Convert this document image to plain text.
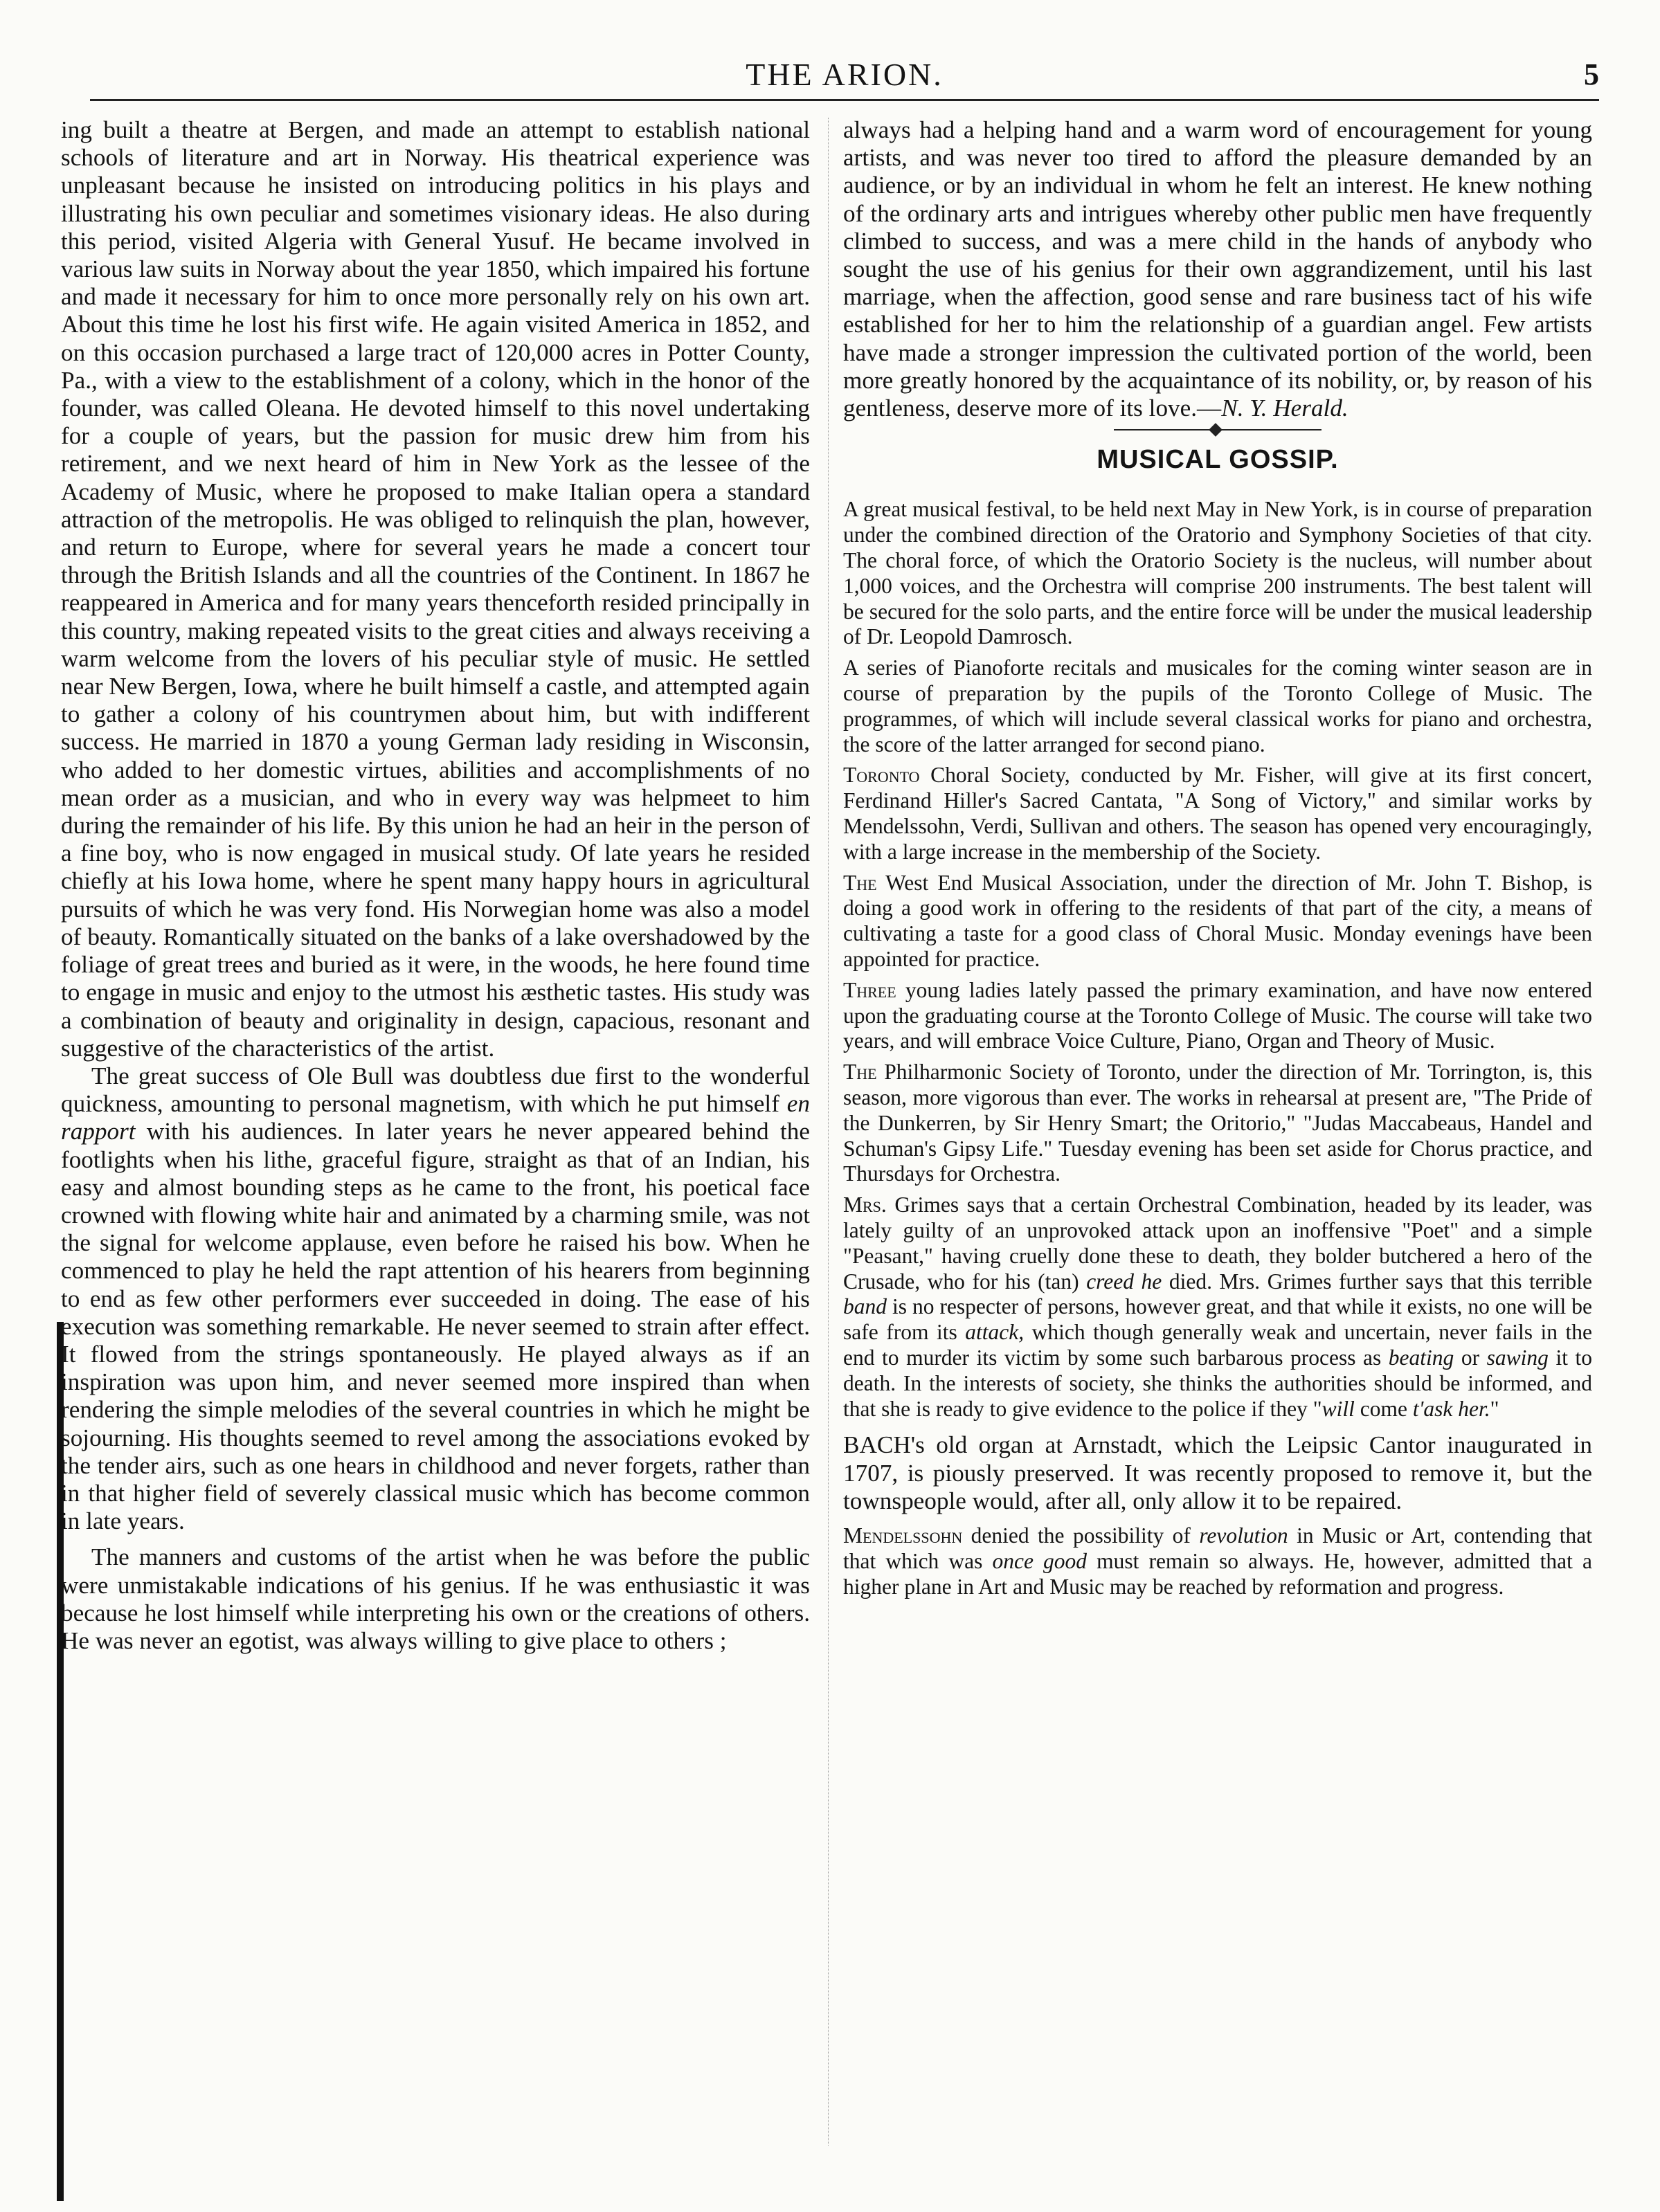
THE ARION.	5

ing built a theatre at Bergen, and made an attempt to establish national schools of literature and art in Norway. His theatrical experience was unpleasant because he insisted on introducing politics in his plays and illustrating his own peculiar and sometimes visionary ideas. He also during this period, visited Algeria with General Yusuf. He became involved in various law suits in Norway about the year 1850, which impaired his fortune and made it necessary for him to once more personally rely on his own art. About this time he lost his first wife. He again visited America in 1852, and on this occasion purchased a large tract of 120,000 acres in Potter County, Pa., with a view to the establishment of a colony, which in the honor of the founder, was called Oleana. He devoted himself to this novel undertaking for a couple of years, but the passion for music drew him from his retirement, and we next heard of him in New York as the lessee of the Academy of Music, where he proposed to make Italian opera a standard attraction of the metropolis. He was obliged to relinquish the plan, however, and return to Europe, where for several years he made a concert tour through the British Islands and all the countries of the Continent. In 1867 he reappeared in America and for many years thenceforth resided principally in this country, making repeated visits to the great cities and always receiving a warm welcome from the lovers of his peculiar style of music. He settled near New Bergen, Iowa, where he built himself a castle, and attempted again to gather a colony of his countrymen about him, but with indifferent success. He married in 1870 a young German lady residing in Wisconsin, who added to her domestic virtues, abilities and accomplishments of no mean order as a musician, and who in every way was helpmeet to him during the remainder of his life. By this union he had an heir in the person of a fine boy, who is now engaged in musical study. Of late years he resided chiefly at his Iowa home, where he spent many happy hours in agricultural pursuits of which he was very fond. His Norwegian home was also a model of beauty. Romantically situated on the banks of a lake overshadowed by the foliage of great trees and buried as it were, in the woods, he here found time to engage in music and enjoy to the utmost his æsthetic tastes. His study was a combination of beauty and originality in design, capacious, resonant and suggestive of the characteristics of the artist.

The great success of Ole Bull was doubtless due first to the wonderful quickness, amounting to personal magnetism, with which he put himself en rapport with his audiences. In later years he never appeared behind the footlights when his lithe, graceful figure, straight as that of an Indian, his easy and almost bounding steps as he came to the front, his poetical face crowned with flowing white hair and animated by a charming smile, was not the signal for welcome applause, even before he raised his bow. When he commenced to play he held the rapt attention of his hearers from beginning to end as few other performers ever succeeded in doing. The ease of his execution was something remarkable. He never seemed to strain after effect. It flowed from the strings spontaneously. He played always as if an inspiration was upon him, and never seemed more inspired than when rendering the simple melodies of the several countries in which he might be sojourning. His thoughts seemed to revel among the associations evoked by the tender airs, such as one hears in childhood and never forgets, rather than in that higher field of severely classical music which has become common in late years.

The manners and customs of the artist when he was before the public were unmistakable indications of his genius. If he was enthusiastic it was because he lost himself while interpreting his own or the creations of others. He was never an egotist, was always willing to give place to others ;

always had a helping hand and a warm word of encouragement for young artists, and was never too tired to afford the pleasure demanded by an audience, or by an individual in whom he felt an interest. He knew nothing of the ordinary arts and intrigues whereby other public men have frequently climbed to success, and was a mere child in the hands of anybody who sought the use of his genius for their own aggrandizement, until his last marriage, when the affection, good sense and rare business tact of his wife established for her to him the relationship of a guardian angel. Few artists have made a stronger impression the cultivated portion of the world, been more greatly honored by the acquaintance of its nobility, or, by reason of his gentleness, deserve more of its love.—N. Y. Herald.

MUSICAL GOSSIP.

A great musical festival, to be held next May in New York, is in course of preparation under the combined direction of the Oratorio and Symphony Societies of that city. The choral force, of which the Oratorio Society is the nucleus, will number about 1,000 voices, and the Orchestra will comprise 200 instruments. The best talent will be secured for the solo parts, and the entire force will be under the musical leadership of Dr. Leopold Damrosch.

A series of Pianoforte recitals and musicales for the coming winter season are in course of preparation by the pupils of the Toronto College of Music. The programmes, of which will include several classical works for piano and orchestra, the score of the latter arranged for second piano.

Toronto Choral Society, conducted by Mr. Fisher, will give at its first concert, Ferdinand Hiller's Sacred Cantata, "A Song of Victory," and similar works by Mendelssohn, Verdi, Sullivan and others. The season has opened very encouragingly, with a large increase in the membership of the Society.

The West End Musical Association, under the direction of Mr. John T. Bishop, is doing a good work in offering to the residents of that part of the city, a means of cultivating a taste for a good class of Choral Music. Monday evenings have been appointed for practice.

Three young ladies lately passed the primary examination, and have now entered upon the graduating course at the Toronto College of Music. The course will take two years, and will embrace Voice Culture, Piano, Organ and Theory of Music.

The Philharmonic Society of Toronto, under the direction of Mr. Torrington, is, this season, more vigorous than ever. The works in rehearsal at present are, "The Pride of the Dunkerren, by Sir Henry Smart; the Oritorio," "Judas Maccabeaus, Handel and Schuman's Gipsy Life." Tuesday evening has been set aside for Chorus practice, and Thursdays for Orchestra.

Mrs. Grimes says that a certain Orchestral Combination, headed by its leader, was lately guilty of an unprovoked attack upon an inoffensive "Poet" and a simple "Peasant," having cruelly done these to death, they bolder butchered a hero of the Crusade, who for his (tan) creed he died. Mrs. Grimes further says that this terrible band is no respecter of persons, however great, and that while it exists, no one will be safe from its attack, which though generally weak and uncertain, never fails in the end to murder its victim by some such barbarous process as beating or sawing it to death. In the interests of society, she thinks the authorities should be informed, and that she is ready to give evidence to the police if they "will come t'ask her."

BACH's old organ at Arnstadt, which the Leipsic Cantor inaugurated in 1707, is piously preserved. It was recently proposed to remove it, but the townspeople would, after all, only allow it to be repaired.

Mendelssohn denied the possibility of revolution in Music or Art, contending that that which was once good must remain so always. He, however, admitted that a higher plane in Art and Music may be reached by reformation and progress.
